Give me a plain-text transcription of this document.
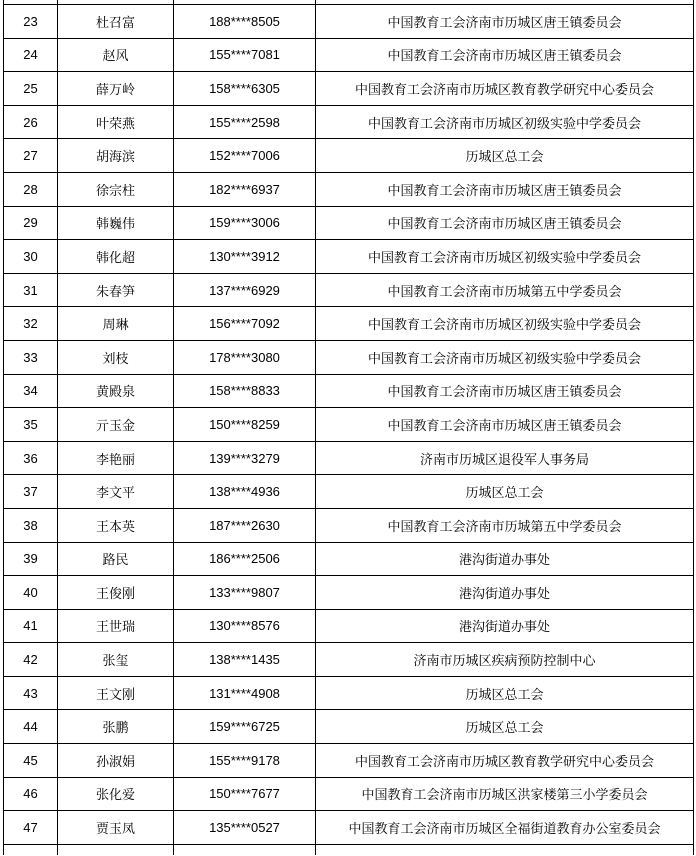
23	杜召富	188****8505	中国教育工会济南市历城区唐王镇委员会
24	赵风	155****7081	中国教育工会济南市历城区唐王镇委员会
25	薛万岭	158****6305	中国教育工会济南市历城区教育教学研究中心委员会
26	叶荣燕	155****2598	中国教育工会济南市历城区初级实验中学委员会
27	胡海滨	152****7006	历城区总工会
28	徐宗柱	182****6937	中国教育工会济南市历城区唐王镇委员会
29	韩巍伟	159****3006	中国教育工会济南市历城区唐王镇委员会
30	韩化超	130****3912	中国教育工会济南市历城区初级实验中学委员会
31	朱春笋	137****6929	中国教育工会济南市历城第五中学委员会
32	周琳	156****7092	中国教育工会济南市历城区初级实验中学委员会
33	刘枝	178****3080	中国教育工会济南市历城区初级实验中学委员会
34	黄殿泉	158****8833	中国教育工会济南市历城区唐王镇委员会
35	亓玉金	150****8259	中国教育工会济南市历城区唐王镇委员会
36	李艳丽	139****3279	济南市历城区退役军人事务局
37	李文平	138****4936	历城区总工会
38	王本英	187****2630	中国教育工会济南市历城第五中学委员会
39	路民	186****2506	港沟街道办事处
40	王俊刚	133****9807	港沟街道办事处
41	王世瑞	130****8576	港沟街道办事处
42	张玺	138****1435	济南市历城区疾病预防控制中心
43	王文刚	131****4908	历城区总工会
44	张鹏	159****6725	历城区总工会
45	孙淑娟	155****9178	中国教育工会济南市历城区教育教学研究中心委员会
46	张化爱	150****7677	中国教育工会济南市历城区洪家楼第三小学委员会
47	贾玉凤	135****0527	中国教育工会济南市历城区全福街道教育办公室委员会
